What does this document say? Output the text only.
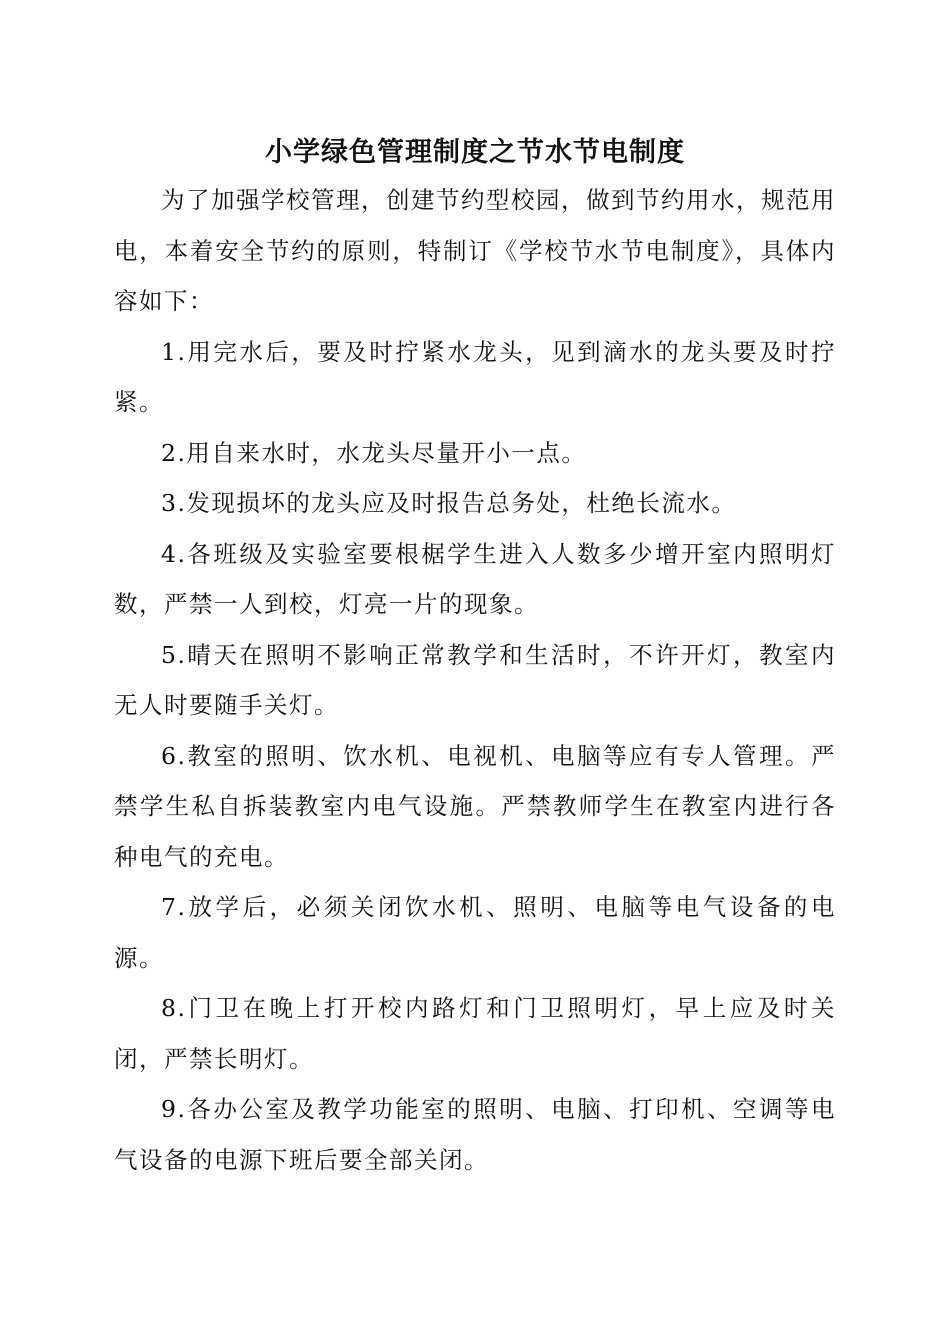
小学绿色管理制度之节水节电制度

为了加强学校管理，创建节约型校园，做到节约用水，规范用电，本着安全节约的原则，特制订《学校节水节电制度》，具体内容如下：

1.用完水后，要及时拧紧水龙头，见到滴水的龙头要及时拧紧。

2.用自来水时，水龙头尽量开小一点。

3.发现损坏的龙头应及时报告总务处，杜绝长流水。

4.各班级及实验室要根椐学生进入人数多少增开室内照明灯数，严禁一人到校，灯亮一片的现象。

5.晴天在照明不影响正常教学和生活时，不许开灯，教室内无人时要随手关灯。

6.教室的照明、饮水机、电视机、电脑等应有专人管理。严禁学生私自拆装教室内电气设施。严禁教师学生在教室内进行各种电气的充电。

7.放学后，必须关闭饮水机、照明、电脑等电气设备的电源。

8.门卫在晚上打开校内路灯和门卫照明灯，早上应及时关闭，严禁长明灯。

9.各办公室及教学功能室的照明、电脑、打印机、空调等电气设备的电源下班后要全部关闭。
